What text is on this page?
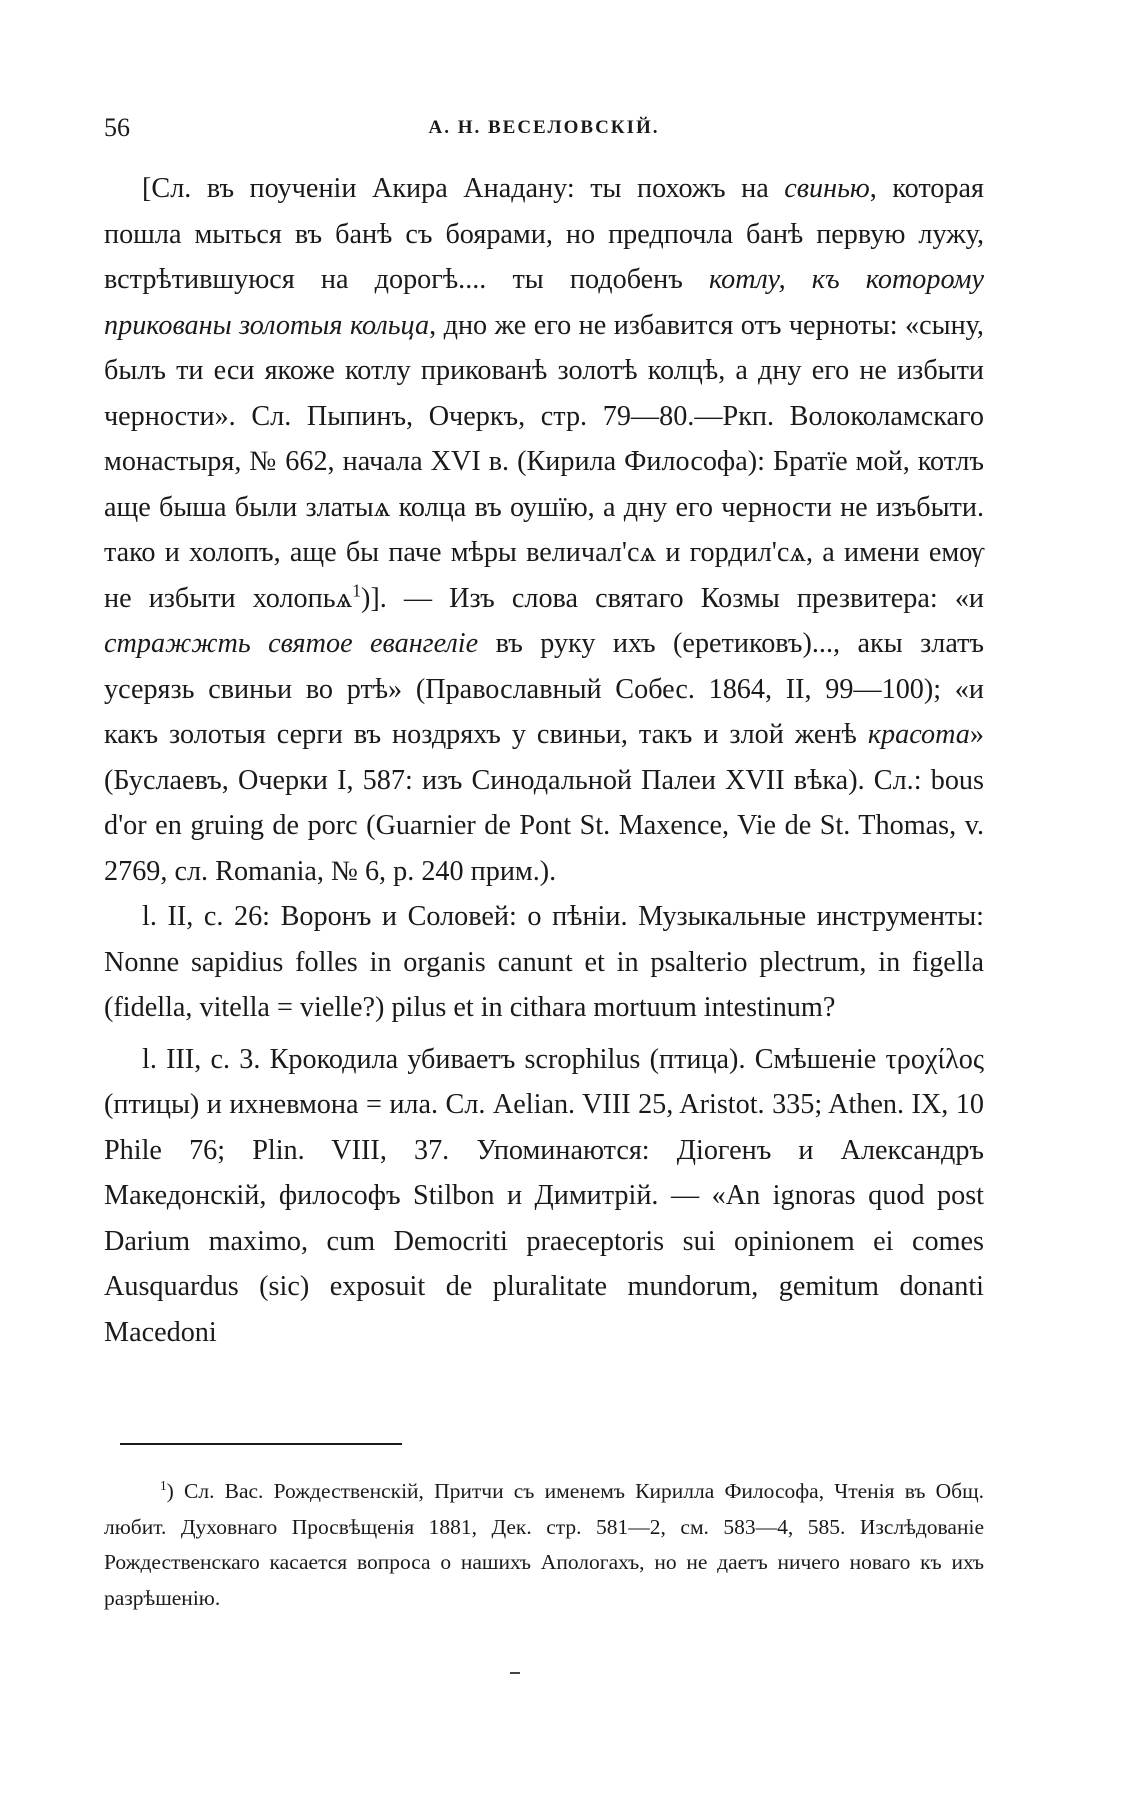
56	А. Н. ВЕСЕЛОВСКІЙ.

[Сл. въ поученіи Акира Анадану: ты похожъ на свинью, которая пошла мыться въ банѣ съ боярами, но предпочла банѣ первую лужу, встрѣтившуюся на дорогѣ.... ты подобенъ котлу, къ которому прикованы золотыя кольца, дно же его не избавится отъ черноты: «сыну, былъ ти еси якоже котлу прикованѣ золотѣ колцѣ, а дну его не избыти черности». Сл. Пыпинъ, Очеркъ, стр. 79—80.—Ркп. Волоколамскаго монастыря, № 662, начала XVI в. (Кирила Философа): Братїе мой, котлъ аще быша были златыѧ колца въ оушїю, а дну его черности не изъбыти. тако и холопъ, аще бы паче мѣры величал'сѧ и гордил'сѧ, а имени емѹ не избыти холопьѧ$^1$)]. — Изъ слова святаго Козмы презвитера: «и стражжть святое евангеліе въ руку ихъ (еретиковъ)..., акы златъ усерязь свиньи во ртѣ» (Православный Собес. 1864, II, 99—100); «и какъ золотыя серги въ ноздряхъ у свиньи, такъ и злой женѣ красота» (Буслаевъ, Очерки I, 587: изъ Синодальной Палеи XVII вѣка). Сл.: bous d'or en gruing de porc (Guarnier de Pont St. Maxence, Vie de St. Thomas, v. 2769, сл. Romania, № 6, p. 240 прим.).

l. II, c. 26: Воронъ и Соловей: о пѣніи. Музыкальные инструменты: Nonne sapidius folles in organis canunt et in psalterio plectrum, in figella (fidella, vitella = vielle?) pilus et in cithara mortuum intestinum?

l. III, c. 3. Крокодила убиваетъ scrophilus (птица). Смѣшеніе τροχίλος (птицы) и ихневмона = ила. Сл. Aelian. VIII 25, Aristot. 335; Athen. IX, 10 Phile 76; Plin. VIII, 37. Упоминаются: Діогенъ и Александръ Македонскій, философъ Stilbon и Димитрій. — «An ignoras quod post Darium maximo, cum Democriti praeceptoris sui opinionem ei comes Ausquardus (sic) exposuit de pluralitate mundorum, gemitum donanti Macedoni

$^1$) Сл. Вас. Рождественскій, Притчи съ именемъ Кирилла Философа, Чтенія въ Общ. любит. Духовнаго Просвѣщенія 1881, Дек. стр. 581—2, см. 583—4, 585. Изслѣдованіе Рождественскаго касается вопроса о нашихъ Апологахъ, но не даетъ ничего новаго къ ихъ разрѣшенію.
